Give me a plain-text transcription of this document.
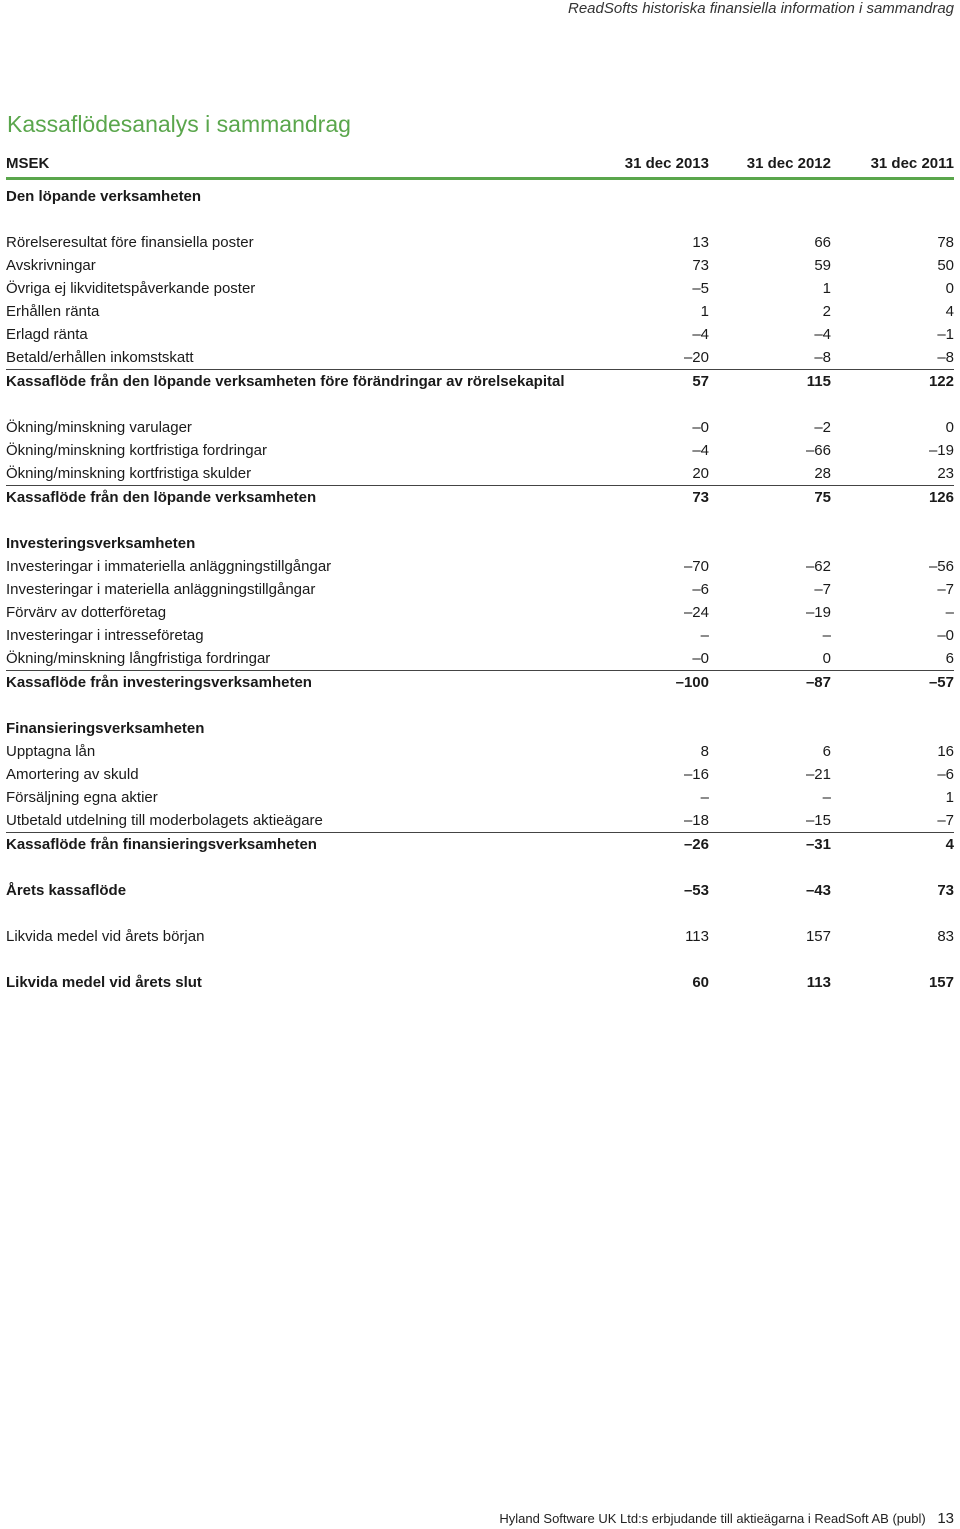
ReadSofts historiska finansiella information i sammandrag
Kassaflödesanalys i sammandrag
MSEK	31 dec 2013	31 dec 2012	31 dec 2011
Den löpande verksamheten
Rörelseresultat före finansiella poster	13	66	78
Avskrivningar	73	59	50
Övriga ej likviditetspåverkande poster	–5	1	0
Erhållen ränta	1	2	4
Erlagd ränta	–4	–4	–1
Betald/erhållen inkomstskatt	–20	–8	–8
Kassaflöde från den löpande verksamheten före förändringar av rörelsekapital	57	115	122
Ökning/minskning varulager	–0	–2	0
Ökning/minskning kortfristiga fordringar	–4	–66	–19
Ökning/minskning kortfristiga skulder	20	28	23
Kassaflöde från den löpande verksamheten	73	75	126
Investeringsverksamheten
Investeringar i immateriella anläggningstillgångar	–70	–62	–56
Investeringar i materiella anläggningstillgångar	–6	–7	–7
Förvärv av dotterföretag	–24	–19	–
Investeringar i intresseföretag	–	–	–0
Ökning/minskning långfristiga fordringar	–0	0	6
Kassaflöde från investeringsverksamheten	–100	–87	–57
Finansieringsverksamheten
Upptagna lån	8	6	16
Amortering av skuld	–16	–21	–6
Försäljning egna aktier	–	–	1
Utbetald utdelning till moderbolagets aktieägare	–18	–15	–7
Kassaflöde från finansieringsverksamheten	–26	–31	4
Årets kassaflöde	–53	–43	73
Likvida medel vid årets början	113	157	83
Likvida medel vid årets slut	60	113	157
Hyland Software UK Ltd:s erbjudande till aktieägarna i ReadSoft AB (publ) 13
